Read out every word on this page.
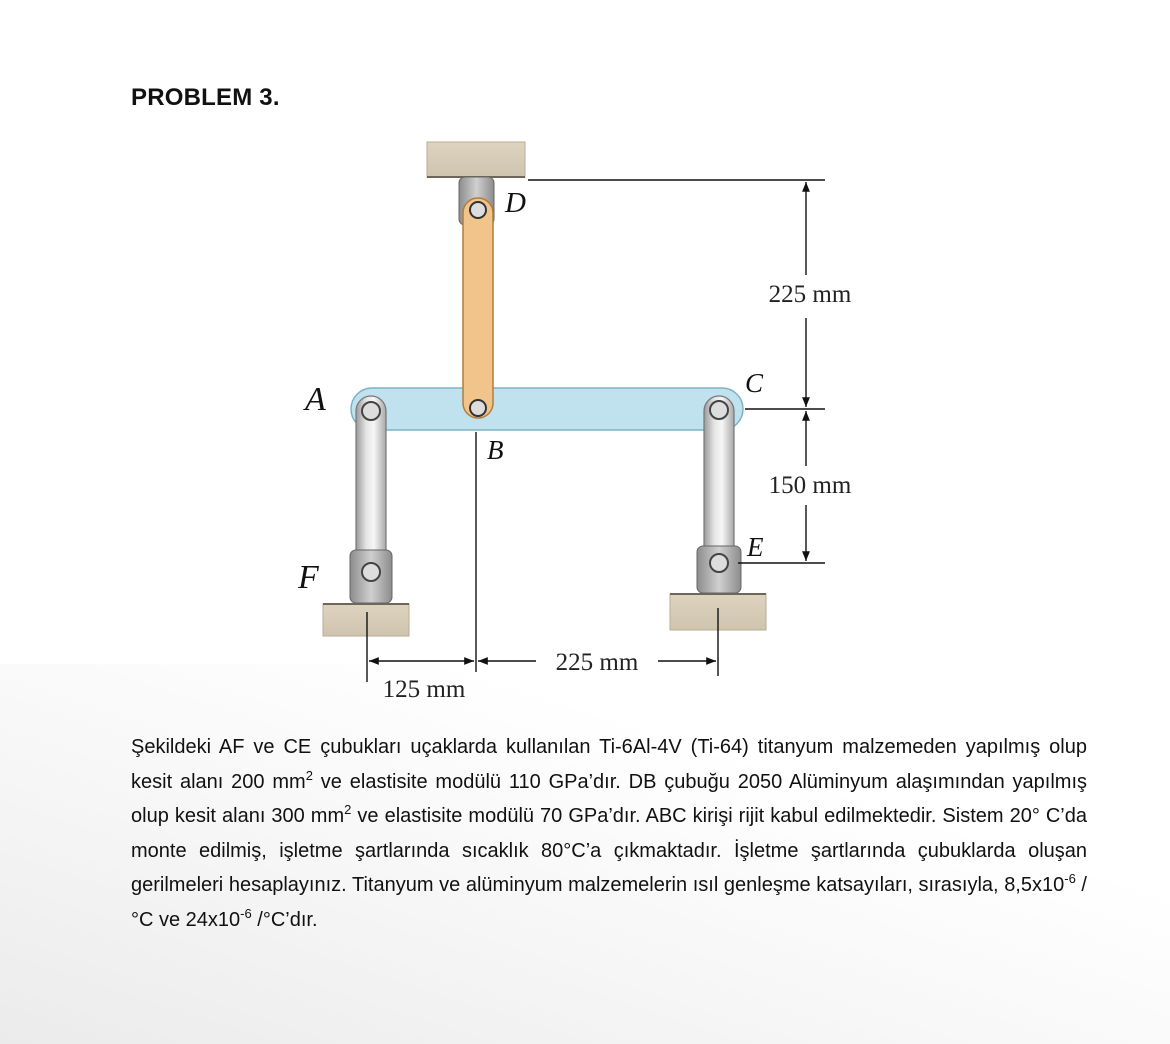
PROBLEM 3.
225 mm
150 mm
125 mm
225 mm
D
A
B
C
E
F

Şekildeki AF ve CE çubukları uçaklarda kullanılan Ti-6Al-4V (Ti-64) titanyum malzemeden yapılmış olup kesit alanı 200 $mm^2$ ve elastisite modülü 110 GPa’dır. DB çubuğu 2050 Alüminyum alaşımından yapılmış olup kesit alanı 300 $mm^2$ ve elastisite modülü 70 GPa’dır. ABC kirişi rijit kabul edilmektedir. Sistem 20° C’da monte edilmiş, işletme şartlarında sıcaklık 80°C’a çıkmaktadır. İşletme şartlarında çubuklarda oluşan gerilmeleri hesaplayınız. Titanyum ve alüminyum malzemelerin ısıl genleşme katsayıları, sırasıyla, $8,5x10^{-6}$ /°C ve $24x10^{-6}$ /°C’dır.
